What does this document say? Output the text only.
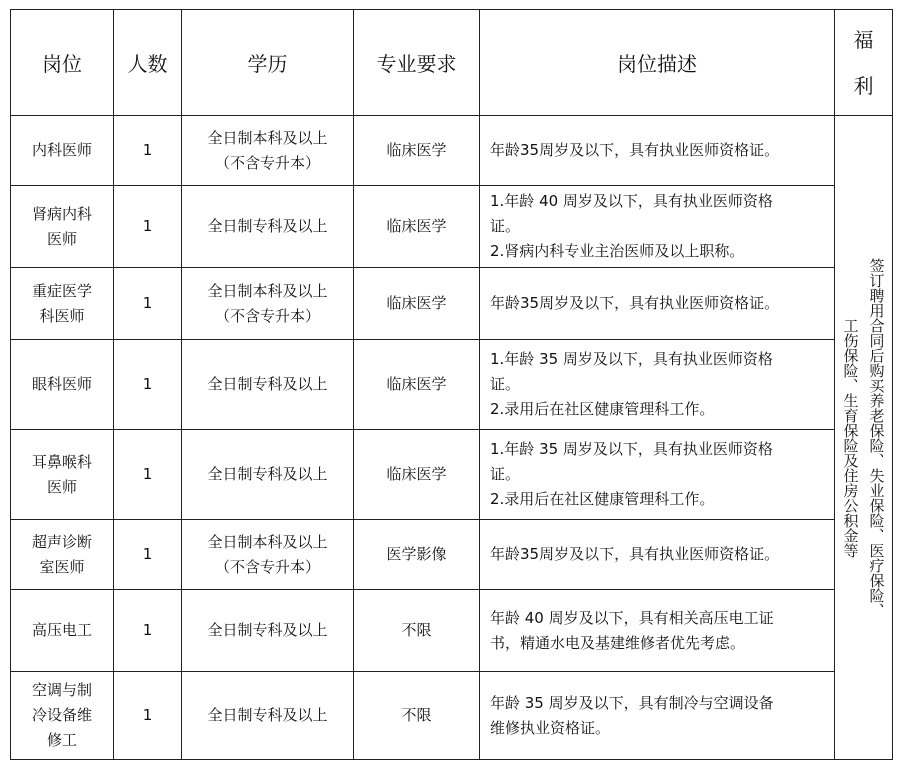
岗位	人数	学历	专业要求	岗位描述	福
利

内科医师	1	全日制本科及以上
（不含专升本）	临床医学	年龄35周岁及以下，具有执业医师资格证。	签订聘用合同后购买养老保险、失业保险、医疗保险、
工伤保险、生育保险及住房公积金等

肾病内科
医师	1	全日制专科及以上	临床医学	1.年龄 40 周岁及以下，具有执业医师资格
证。
2.肾病内科专业主治医师及以上职称。	

重症医学
科医师	1	全日制本科及以上
（不含专升本）	临床医学	年龄35周岁及以下，具有执业医师资格证。	
眼科医师	1	全日制专科及以上	临床医学	1.年龄 35 周岁及以下，具有执业医师资格
证。
2.录用后在社区健康管理科工作。	

耳鼻喉科
医师	1	全日制专科及以上	临床医学	1.年龄 35 周岁及以下，具有执业医师资格
证。
2.录用后在社区健康管理科工作。	

超声诊断
室医师	1	全日制本科及以上
（不含专升本）	医学影像	年龄35周岁及以下，具有执业医师资格证。	
高压电工	1	全日制专科及以上	不限	年龄 40 周岁及以下，具有相关高压电工证
书，精通水电及基建维修者优先考虑。	

空调与制
冷设备维
修工	1	全日制专科及以上	不限	年龄 35 周岁及以下，具有制冷与空调设备
维修执业资格证。	
